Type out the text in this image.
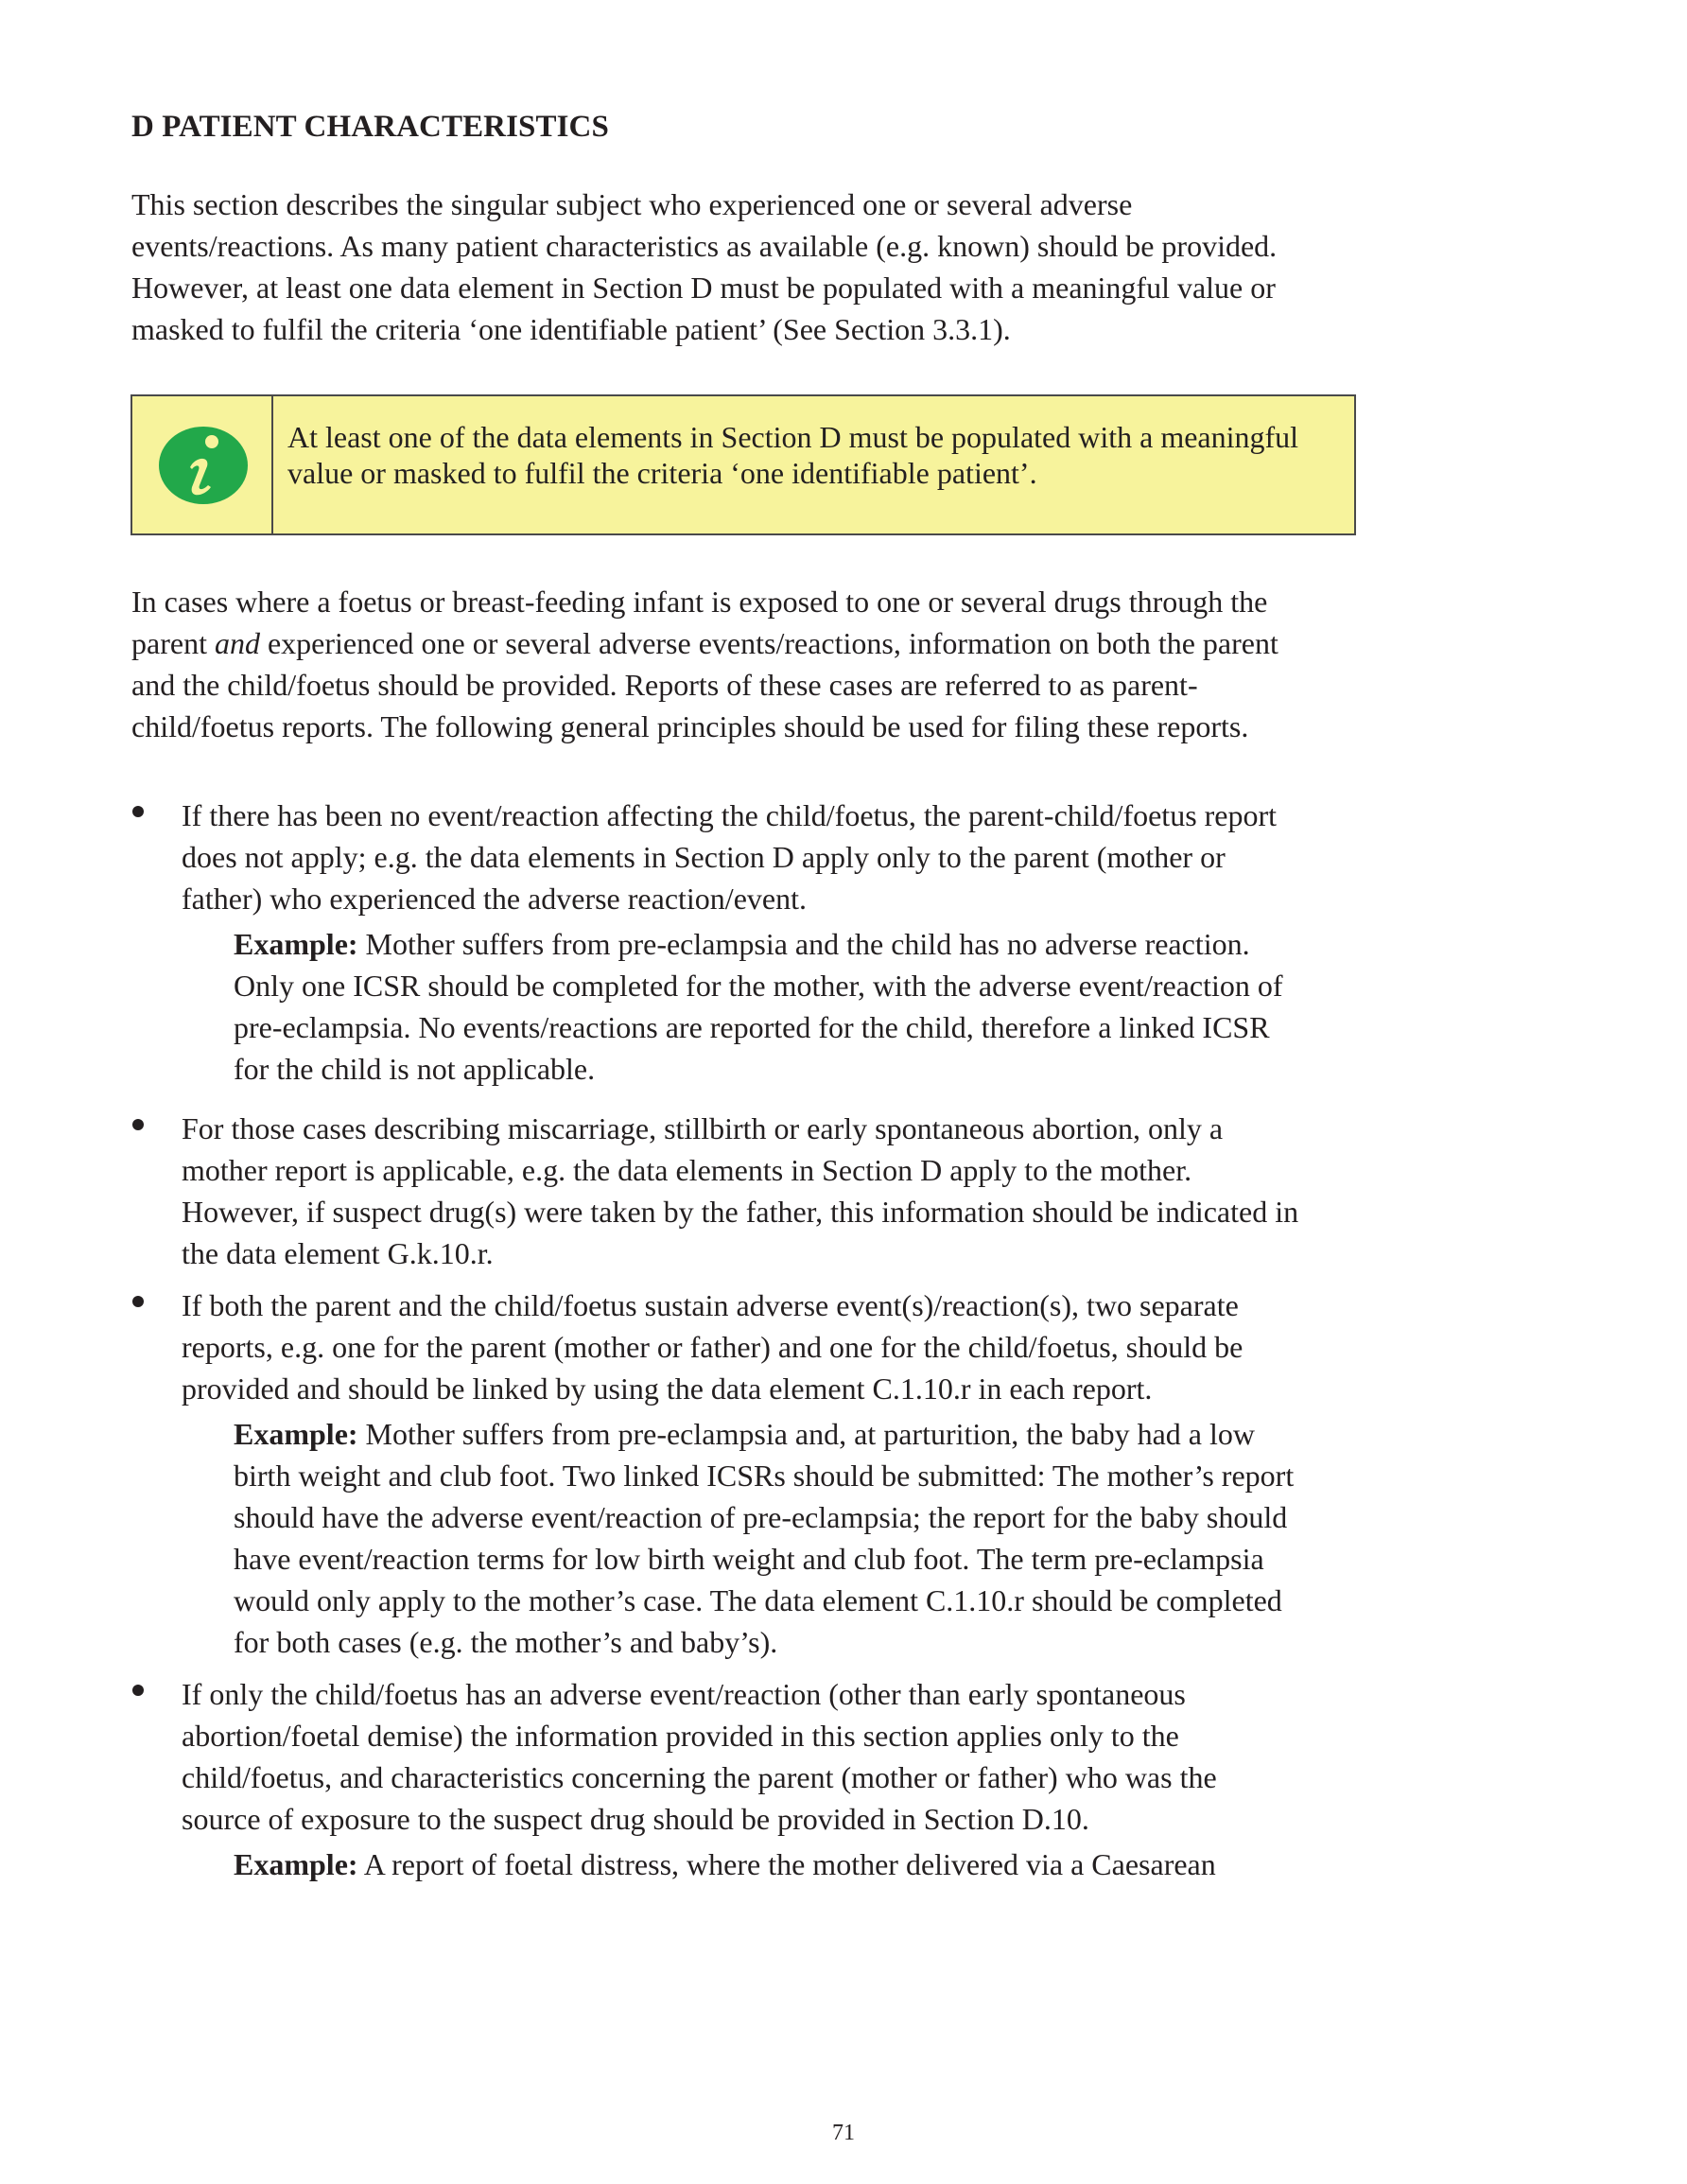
D PATIENT CHARACTERISTICS
This section describes the singular subject who experienced one or several adverse
events/reactions. As many patient characteristics as available (e.g. known) should be provided.
However, at least one data element in Section D must be populated with a meaningful value or
masked to fulfil the criteria ‘one identifiable patient’ (See Section 3.3.1).
At least one of the data elements in Section D must be populated with a meaningful
value or masked to fulfil the criteria ‘one identifiable patient’.
In cases where a foetus or breast-feeding infant is exposed to one or several drugs through the
parent and experienced one or several adverse events/reactions, information on both the parent
and the child/foetus should be provided. Reports of these cases are referred to as parent-
child/foetus reports. The following general principles should be used for filing these reports.
If there has been no event/reaction affecting the child/foetus, the parent-child/foetus report
does not apply; e.g. the data elements in Section D apply only to the parent (mother or
father) who experienced the adverse reaction/event.
Example: Mother suffers from pre-eclampsia and the child has no adverse reaction.
Only one ICSR should be completed for the mother, with the adverse event/reaction of
pre-eclampsia. No events/reactions are reported for the child, therefore a linked ICSR
for the child is not applicable.
For those cases describing miscarriage, stillbirth or early spontaneous abortion, only a
mother report is applicable, e.g. the data elements in Section D apply to the mother.
However, if suspect drug(s) were taken by the father, this information should be indicated in
the data element G.k.10.r.
If both the parent and the child/foetus sustain adverse event(s)/reaction(s), two separate
reports, e.g. one for the parent (mother or father) and one for the child/foetus, should be
provided and should be linked by using the data element C.1.10.r in each report.
Example: Mother suffers from pre-eclampsia and, at parturition, the baby had a low
birth weight and club foot. Two linked ICSRs should be submitted: The mother’s report
should have the adverse event/reaction of pre-eclampsia; the report for the baby should
have event/reaction terms for low birth weight and club foot. The term pre-eclampsia
would only apply to the mother’s case. The data element C.1.10.r should be completed
for both cases (e.g. the mother’s and baby’s).
If only the child/foetus has an adverse event/reaction (other than early spontaneous
abortion/foetal demise) the information provided in this section applies only to the
child/foetus, and characteristics concerning the parent (mother or father) who was the
source of exposure to the suspect drug should be provided in Section D.10.
Example: A report of foetal distress, where the mother delivered via a Caesarean
71
